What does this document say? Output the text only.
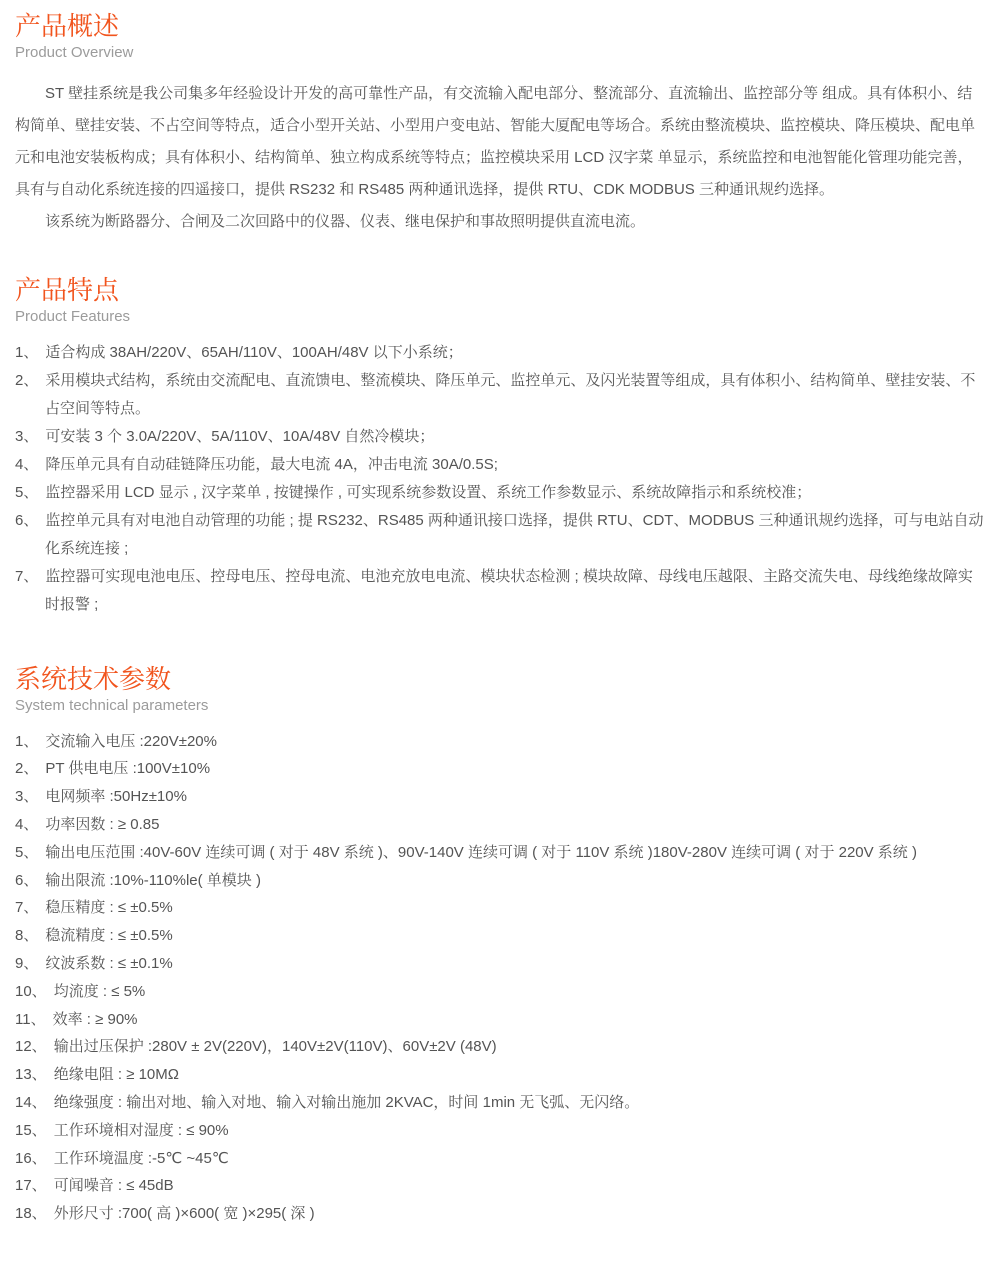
产品概述
Product Overview

ST 壁挂系统是我公司集多年经验设计开发的高可靠性产品，有交流输入配电部分、整流部分、直流输出、监控部分等 组成。具有体积小、结构简单、壁挂安装、不占空间等特点，适合小型开关站、小型用户变电站、智能大厦配电等场合。系统由整流模块、监控模块、降压模块、配电单元和电池安装板构成；具有体积小、结构简单、独立构成系统等特点；监控模块采用 LCD 汉字菜 单显示，系统监控和电池智能化管理功能完善，具有与自动化系统连接的四遥接口，提供 RS232 和 RS485 两种通讯选择，提供 RTU、CDK MODBUS 三种通讯规约选择。

该系统为断路器分、合闸及二次回路中的仪器、仪表、继电保护和事故照明提供直流电流。

产品特点
Product Features
1、 适合构成 38AH/220V、65AH/110V、100AH/48V 以下小系统；
2、 采用模块式结构，系统由交流配电、直流馈电、整流模块、降压单元、监控单元、及闪光装置等组成，具有体积小、结构简单、壁挂安装、不占空间等特点。
3、 可安装 3 个 3.0A/220V、5A/110V、10A/48V 自然冷模块；
4、 降压单元具有自动硅链降压功能，最大电流 4A，冲击电流 30A/0.5S;
5、 监控器采用 LCD 显示 , 汉字菜单 , 按键操作 , 可实现系统参数设置、系统工作参数显示、系统故障指示和系统校准；
6、 监控单元具有对电池自动管理的功能 ; 提 RS232、RS485 两种通讯接口选择，提供 RTU、CDT、MODBUS 三种通讯规约选择，可与电站自动化系统连接 ;
7、 监控器可实现电池电压、控母电压、控母电流、电池充放电电流、模块状态检测 ; 模块故障、母线电压越限、主路交流失电、母线绝缘故障实时报警 ;
系统技术参数
System technical parameters
1、 交流输入电压 :220V±20%
2、 PT 供电电压 :100V±10%
3、 电网频率 :50Hz±10%
4、 功率因数 : ≥ 0.85
5、 输出电压范围 :40V-60V 连续可调 ( 对于 48V 系统 )、90V-140V 连续可调 ( 对于 110V 系统 )180V-280V 连续可调 ( 对于 220V 系统 )
6、 输出限流 :10%-110%le( 单模块 )
7、 稳压精度 : ≤ ±0.5%
8、 稳流精度 : ≤ ±0.5%
9、 纹波系数 : ≤ ±0.1%
10、 均流度 : ≤ 5%
11、 效率 : ≥ 90%
12、 输出过压保护 :280V ± 2V(220V)，140V±2V(110V)、60V±2V (48V)
13、 绝缘电阻 : ≥ 10MΩ
14、 绝缘强度 : 输出对地、输入对地、输入对输出施加 2KVAC，时间 1min 无飞弧、无闪络。
15、 工作环境相对湿度 : ≤ 90%
16、 工作环境温度 :-5℃ ~45℃
17、 可闻噪音 : ≤ 45dB
18、 外形尺寸 :700( 高 )×600( 宽 )×295( 深 )
